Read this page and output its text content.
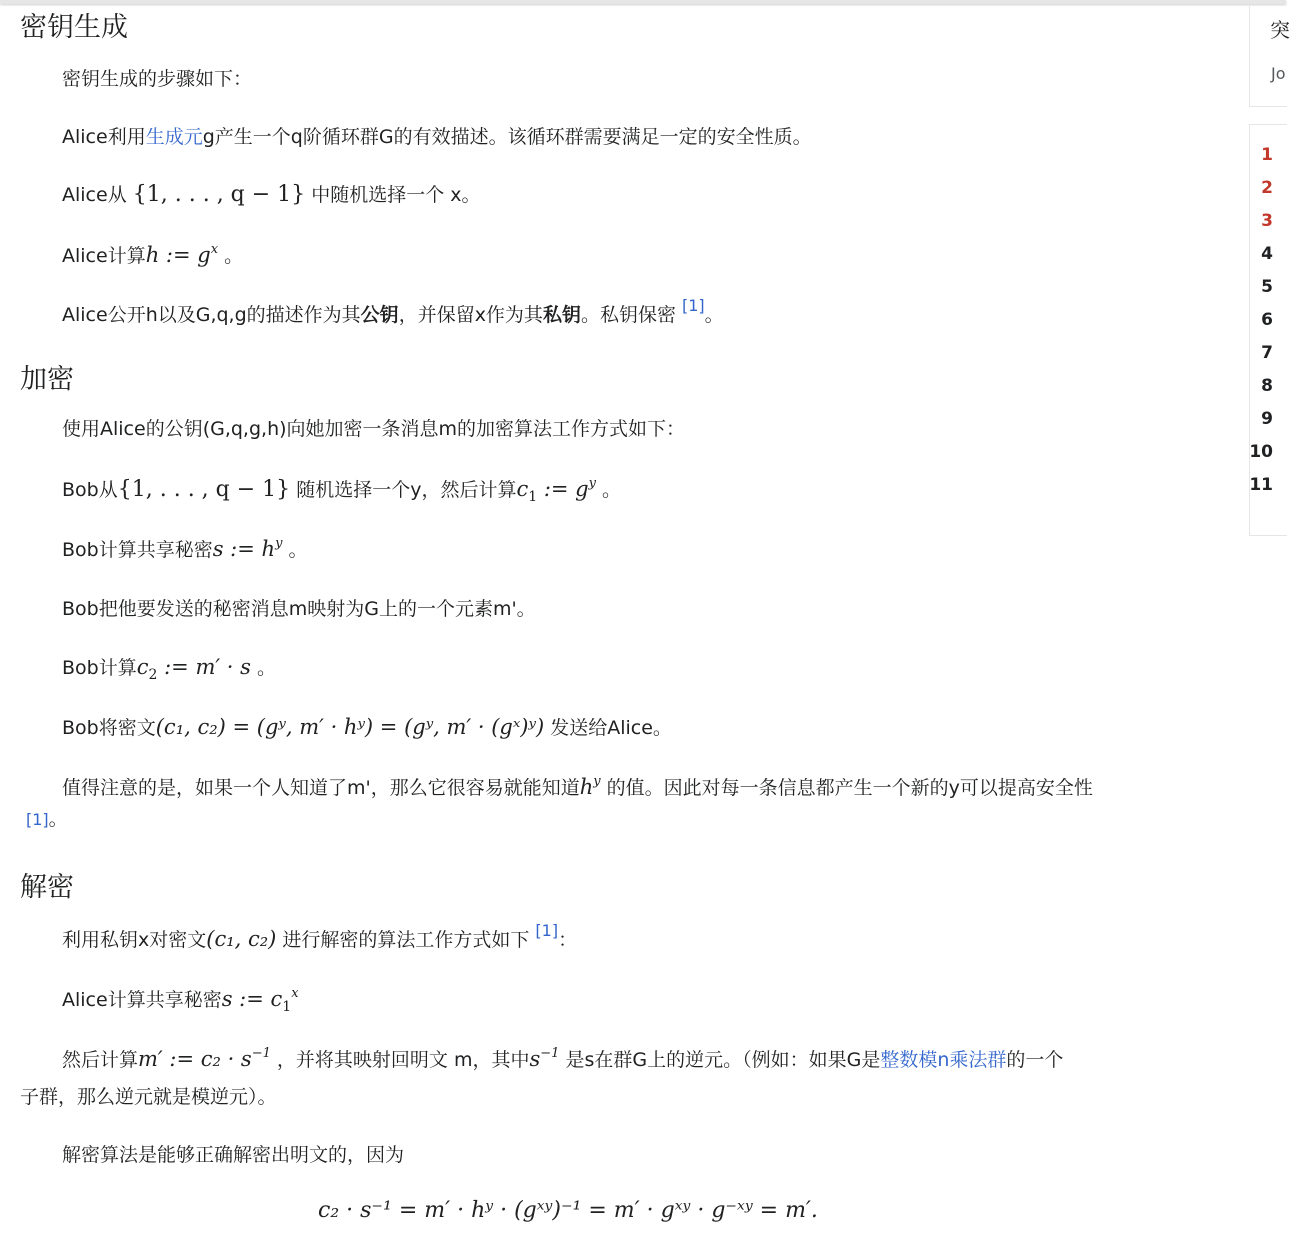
密钥生成
密钥生成的步骤如下：
Alice利用生成元g产生一个q阶循环群G的有效描述。该循环群需要满足一定的安全性质。
Alice从 {1, . . . , q − 1} 中随机选择一个 x。
Alice计算h := $g^x$ 。
Alice公开h以及G,q,g的描述作为其公钥，并保留x作为其私钥。私钥保密 [1]。
加密
使用Alice的公钥(G,q,g,h)向她加密一条消息m的加密算法工作方式如下：
Bob从{1, . . . , q − 1} 随机选择一个y，然后计算$c_1$ := $g^y$ 。
Bob计算共享秘密s := $h^y$ 。
Bob把他要发送的秘密消息m映射为G上的一个元素m'。
Bob计算$c_2$ := m′ · s 。
Bob将密文(c₁, c₂) = (gʸ, m′ · hʸ) = (gʸ, m′ · (gˣ)ʸ) 发送给Alice。
值得注意的是，如果一个人知道了m'，那么它很容易就能知道$h^y$ 的值。因此对每一条信息都产生一个新的y可以提高安全性
[1]。
解密
利用私钥x对密文(c₁, c₂) 进行解密的算法工作方式如下 [1]：
Alice计算共享秘密s := $c_1^x$
然后计算m′ := $c_2 \cdot s^{-1}$ ，并将其映射回明文 m，其中$s^{-1}$ 是s在群G上的逆元。（例如：如果G是整数模n乘法群的一个
子群，那么逆元就是模逆元）。
解密算法是能够正确解密出明文的，因为
c₂ · s⁻¹ = m′ · hʸ · (gˣʸ)⁻¹ = m′ · gˣʸ · g⁻ˣʸ = m′.
突
Jo
1
2
3
4
5
6
7
8
9
10
11
